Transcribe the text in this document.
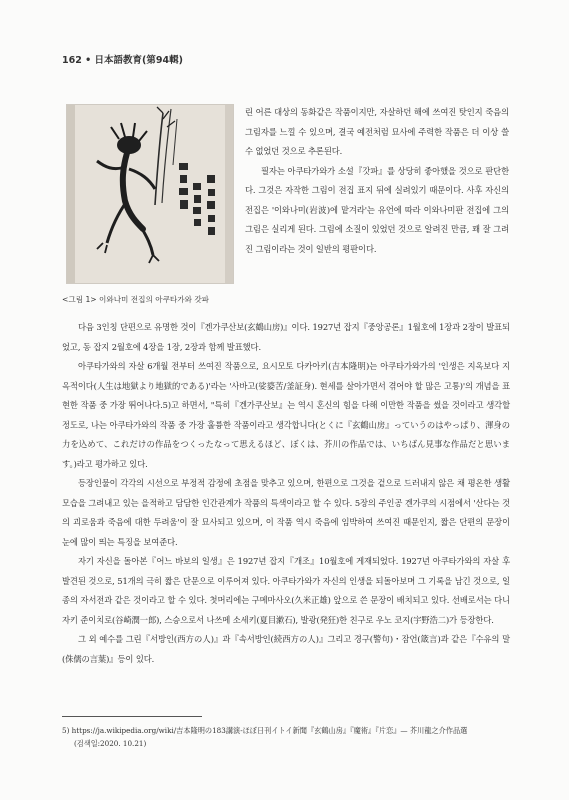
162 • 日本語教育(第94輯)
<그림 1> 이와나미 전집의 아쿠타가와 갓파

린 어른 대상의 동화같은 작품이지만, 자살하던 해에 쓰여진 탓인지 죽음의 그림자를 느낄 수 있으며, 결국 예전처럼 묘사에 주력한 작품은 더 이상 쓸 수 없었던 것으로 추론된다.

필자는 아쿠타가와가 소설『갓파』를 상당히 좋아했을 것으로 판단한다. 그것은 자작한 그림이 전집 표지 뒤에 실려있기 때문이다. 사후 자신의 전집은 '이와나미(岩波)에 맡겨라'는 유언에 따라 이와나미판 전집에 그의 그림은 실리게 된다. 그림에 소질이 있었던 것으로 알려진 만큼, 꽤 잘 그려진 그림이라는 것이 일반의 평판이다.

다음 3인칭 단편으로 유명한 것이『겐가쿠산보(玄鶴山房)』이다. 1927년 잡지『중앙공론』1월호에 1장과 2장이 발표되었고, 동 잡지 2월호에 4장을 1장, 2장과 함께 발표했다.

아쿠타가와의 자살 6개월 전부터 쓰여진 작품으로, 요시모토 다카아키(吉本隆明)는 아쿠타가와가의 '인생은 지옥보다 지옥적이다(人生は地獄より地獄的である)'라는 '사바고(娑婆苦/釜証身). 현세를 살아가면서 겪어야 할 많은 고통)'의 개념을 표현한 작품 중 가장 뛰어나다.5)고 하면서, "특히『겐가쿠산보』는 역시 혼신의 힘을 다해 이만한 작품을 썼을 것이라고 생각할 정도로, 나는 아쿠타가와의 작품 중 가장 훌륭한 작품이라고 생각합니다(とくに『玄鶴山房』っていうのはやっぱり、渾身の力を込めて、これだけの作品をつくったなって思えるほど、ぼくは、芥川の作品では、いちばん見事な作品だと思います。)라고 평가하고 있다.

등장인물이 각각의 시선으로 부정적 감정에 초점을 맞추고 있으며, 한편으로 그것을 겉으로 드러내지 않은 채 평온한 생활모습을 그려내고 있는 을적하고 담담한 인간관계가 작품의 특색이라고 할 수 있다. 5장의 주인공 겐가쿠의 시점에서 '산다는 것의 괴로움과 죽음에 대한 두려움'이 잘 묘사되고 있으며, 이 작품 역시 죽음에 임박하여 쓰여진 때문인지, 짧은 단편의 문장이 눈에 많이 띄는 특징을 보여준다.

자기 자신을 돌아본『어느 바보의 일생』은 1927년 잡지『개조』10월호에 게재되었다. 1927년 아쿠타가와의 자살 후 발견된 것으로, 51개의 극히 짧은 단문으로 이루어져 있다. 아쿠타가와가 자신의 인생을 되돌아보며 그 기록을 남긴 것으로, 일종의 자서전과 같은 것이라고 할 수 있다. 첫머리에는 구메마사오(久米正雄) 앞으로 쓴 문장이 배치되고 있다. 선배로서는 다니자키 준이치로(谷崎潤一郎), 스승으로서 나쓰메 소세키(夏目漱石), 발광(発狂)한 친구로 우노 코지(宇野浩二)가 등장한다.

그 외 예수를 그린『서방인(西方の人)』과『속서방인(続西方の人)』그리고 경구(警句)・잠언(箴言)과 같은『수유의 말(侏儒の言葉)』등이 있다.

5) https://ja.wikipedia.org/wiki/吉本隆明の183講演-ほぼ日刊イトイ新聞『玄鶴山房』『魔術』『片恋』— 芥川龍之介作品選
(검색일:2020. 10.21)
